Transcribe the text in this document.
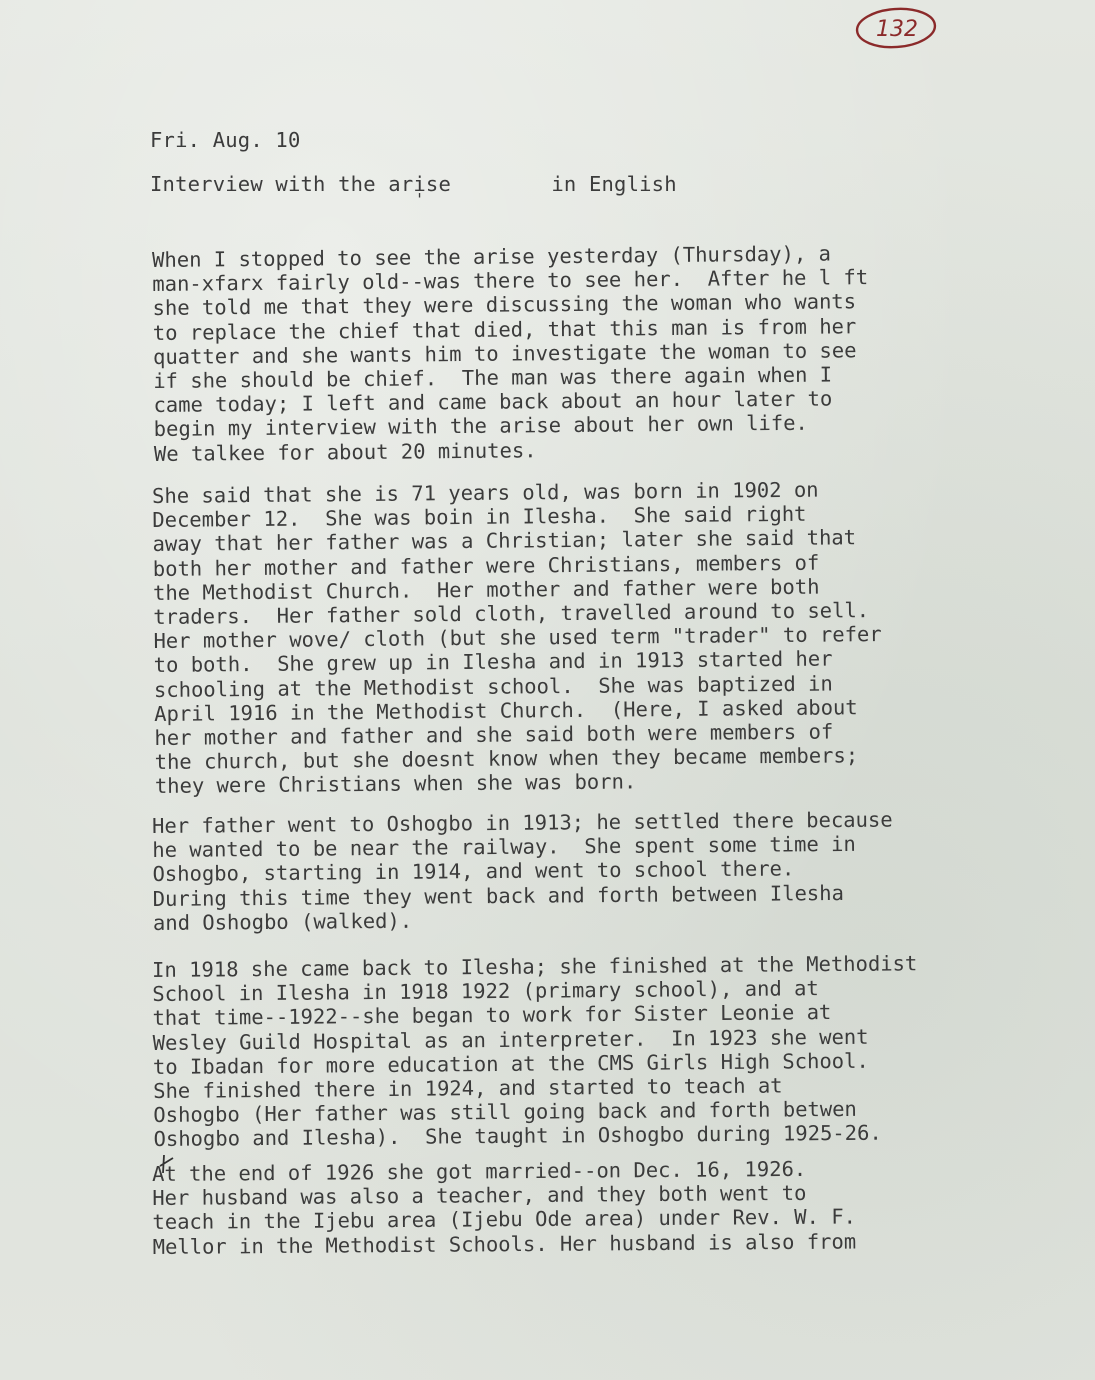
132
Fri. Aug. 10
Interview with the ari̩se        in English
When I stopped to see the arise yesterday (Thursday), a
man-xfarx fairly old--was there to see her.  After he l ft
she told me that they were discussing the woman who wants
to replace the chief that died, that this man is from her
quatter and she wants him to investigate the woman to see
if she should be chief.  The man was there again when I
came today; I left and came back about an hour later to
begin my interview with the arise about her own life.
We talkee for about 20 minutes.
She said that she is 71 years old, was born in 1902 on
December 12.  She was boin in Ilesha.  She said right
away that her father was a Christian; later she said that
both her mother and father were Christians, members of
the Methodist Church.  Her mother and father were both
traders.  Her father sold cloth, travelled around to sell.
Her mother wove/ cloth (but she used term "trader" to refer
to both.  She grew up in Ilesha and in 1913 started her
schooling at the Methodist school.  She was baptized in
April 1916 in the Methodist Church.  (Here, I asked about
her mother and father and she said both were members of
the church, but she doesnt know when they became members;
they were Christians when she was born.
Her father went to Oshogbo in 1913; he settled there because
he wanted to be near the railway.  She spent some time in
Oshogbo, starting in 1914, and went to school there.
During this time they went back and forth between Ilesha
and Oshogbo (walked).
In 1918 she came back to Ilesha; she finished at the Methodist
School in Ilesha in 1918 1922 (primary school), and at
that time--1922--she began to work for Sister Leonie at
Wesley Guild Hospital as an interpreter.  In 1923 she went
to Ibadan for more education at the CMS Girls High School.
She finished there in 1924, and started to teach at
Oshogbo (Her father was still going back and forth betwen
Oshogbo and Ilesha).  She taught in Oshogbo during 1925-26.
At the end of 1926 she got married--on Dec. 16, 1926.
Her husband was also a teacher, and they both went to
teach in the Ijebu area (Ijebu Ode area) under Rev. W. F.
Mellor in the Methodist Schools. Her husband is also from
